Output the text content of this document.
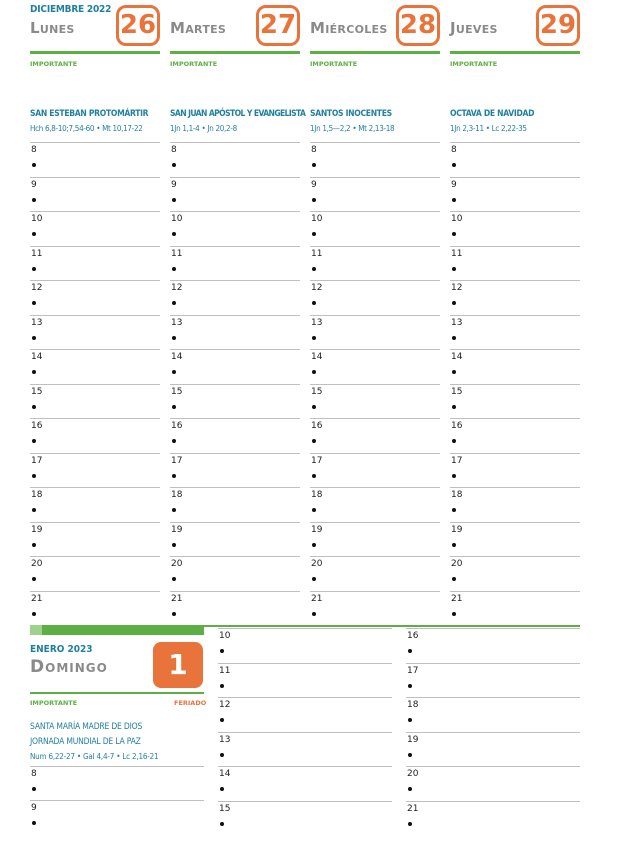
DICIEMBRE 2022
Lunes 26
IMPORTANTE
SAN ESTEBAN PROTOMÁRTIR
Hch 6,8-10;7,54-60 • Mt 10,17-22
8
9
10
11
12
13
14
15
16
17
18
19
20
21
Martes 27
IMPORTANTE
SAN JUAN APÓSTOL Y EVANGELISTA
1Jn 1,1-4 • Jn 20,2-8
8
9
10
11
12
13
14
15
16
17
18
19
20
21
Miércoles 28
IMPORTANTE
SANTOS INOCENTES
1Jn 1,5—2,2 • Mt 2,13-18
8
9
10
11
12
13
14
15
16
17
18
19
20
21
Jueves 29
IMPORTANTE
OCTAVA DE NAVIDAD
1Jn 2,3-11 • Lc 2,22-35
8
9
10
11
12
13
14
15
16
17
18
19
20
21
ENERO 2023
Domingo	1
IMPORTANTE	FERIADO
SANTA MARÍA MADRE DE DIOS
JORNADA MUNDIAL DE LA PAZ
Num 6,22-27 • Gal 4,4-7 • Lc 2,16-21
8
9
10
11
12
13
14
15
16
17
18
19
20
21
